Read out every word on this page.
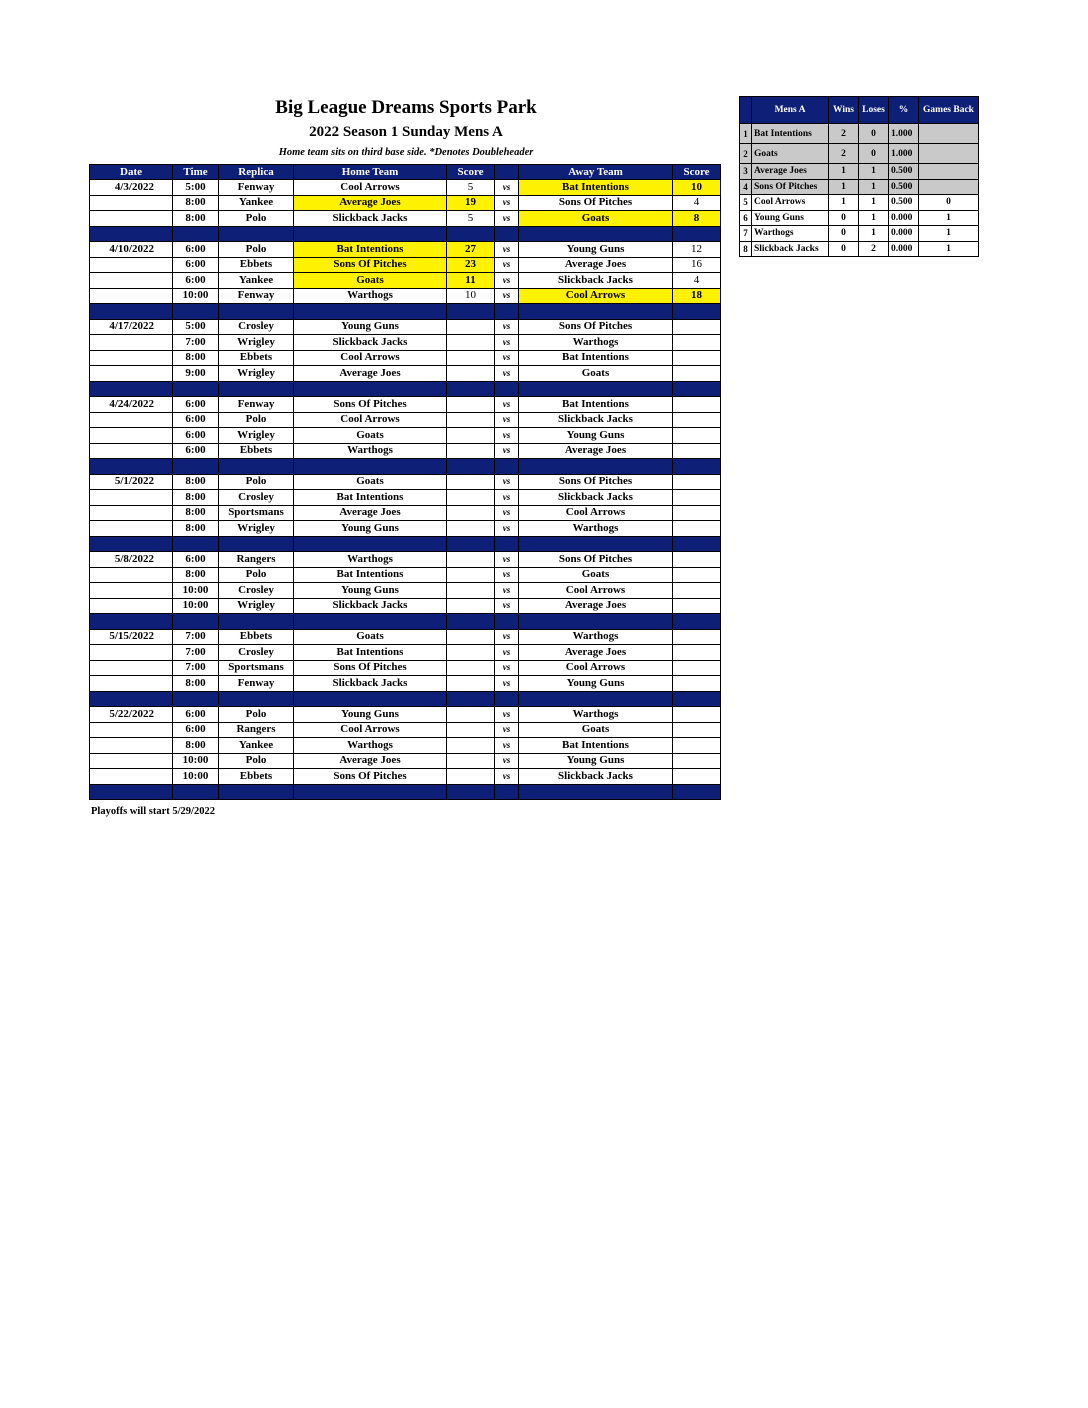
Big League Dreams Sports Park
2022 Season 1 Sunday Mens A
Home team sits on third base side. *Denotes Doubleheader
Date	Time	Replica	Home Team	Score		Away Team	Score
4/3/2022	5:00	Fenway	Cool Arrows	5	vs	Bat Intentions	10
	8:00	Yankee	Average Joes	19	vs	Sons Of Pitches	4
	8:00	Polo	Slickback Jacks	5	vs	Goats	8

4/10/2022	6:00	Polo	Bat Intentions	27	vs	Young Guns	12
	6:00	Ebbets	Sons Of Pitches	23	vs	Average Joes	16
	6:00	Yankee	Goats	11	vs	Slickback Jacks	4
	10:00	Fenway	Warthogs	10	vs	Cool Arrows	18

4/17/2022	5:00	Crosley	Young Guns		vs	Sons Of Pitches	
	7:00	Wrigley	Slickback Jacks		vs	Warthogs	
	8:00	Ebbets	Cool Arrows		vs	Bat Intentions	
	9:00	Wrigley	Average Joes		vs	Goats	

4/24/2022	6:00	Fenway	Sons Of Pitches		vs	Bat Intentions	
	6:00	Polo	Cool Arrows		vs	Slickback Jacks	
	6:00	Wrigley	Goats		vs	Young Guns	
	6:00	Ebbets	Warthogs		vs	Average Joes	

5/1/2022	8:00	Polo	Goats		vs	Sons Of Pitches	
	8:00	Crosley	Bat Intentions		vs	Slickback Jacks	
	8:00	Sportsmans	Average Joes		vs	Cool Arrows	
	8:00	Wrigley	Young Guns		vs	Warthogs	

5/8/2022	6:00	Rangers	Warthogs		vs	Sons Of Pitches	
	8:00	Polo	Bat Intentions		vs	Goats	
	10:00	Crosley	Young Guns		vs	Cool Arrows	
	10:00	Wrigley	Slickback Jacks		vs	Average Joes	

5/15/2022	7:00	Ebbets	Goats		vs	Warthogs	
	7:00	Crosley	Bat Intentions		vs	Average Joes	
	7:00	Sportsmans	Sons Of Pitches		vs	Cool Arrows	
	8:00	Fenway	Slickback Jacks		vs	Young Guns	

5/22/2022	6:00	Polo	Young Guns		vs	Warthogs	
	6:00	Rangers	Cool Arrows		vs	Goats	
	8:00	Yankee	Warthogs		vs	Bat Intentions	
	10:00	Polo	Average Joes		vs	Young Guns	
	10:00	Ebbets	Sons Of Pitches		vs	Slickback Jacks	

Playoffs will start 5/29/2022
	Mens A	Wins	Loses	%	Games Back
1	Bat Intentions	2	0	1.000	
2	Goats	2	0	1.000	
3	Average Joes	1	1	0.500	
4	Sons Of Pitches	1	1	0.500	
5	Cool Arrows	1	1	0.500	0
6	Young Guns	0	1	0.000	1
7	Warthogs	0	1	0.000	1
8	Slickback Jacks	0	2	0.000	1
